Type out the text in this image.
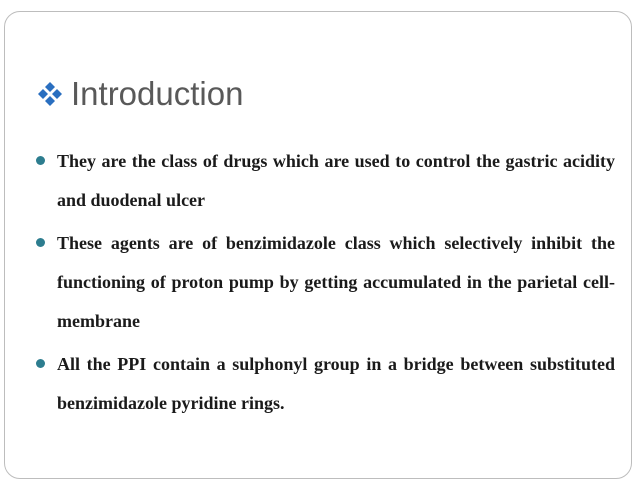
Introduction
They are the class of drugs which are used to control the gastric acidity and duodenal ulcer
These agents are of benzimidazole class which selectively inhibit the functioning of proton pump by getting accumulated in the parietal cell- membrane
All the PPI contain a sulphonyl group in a bridge between substituted benzimidazole pyridine rings.
